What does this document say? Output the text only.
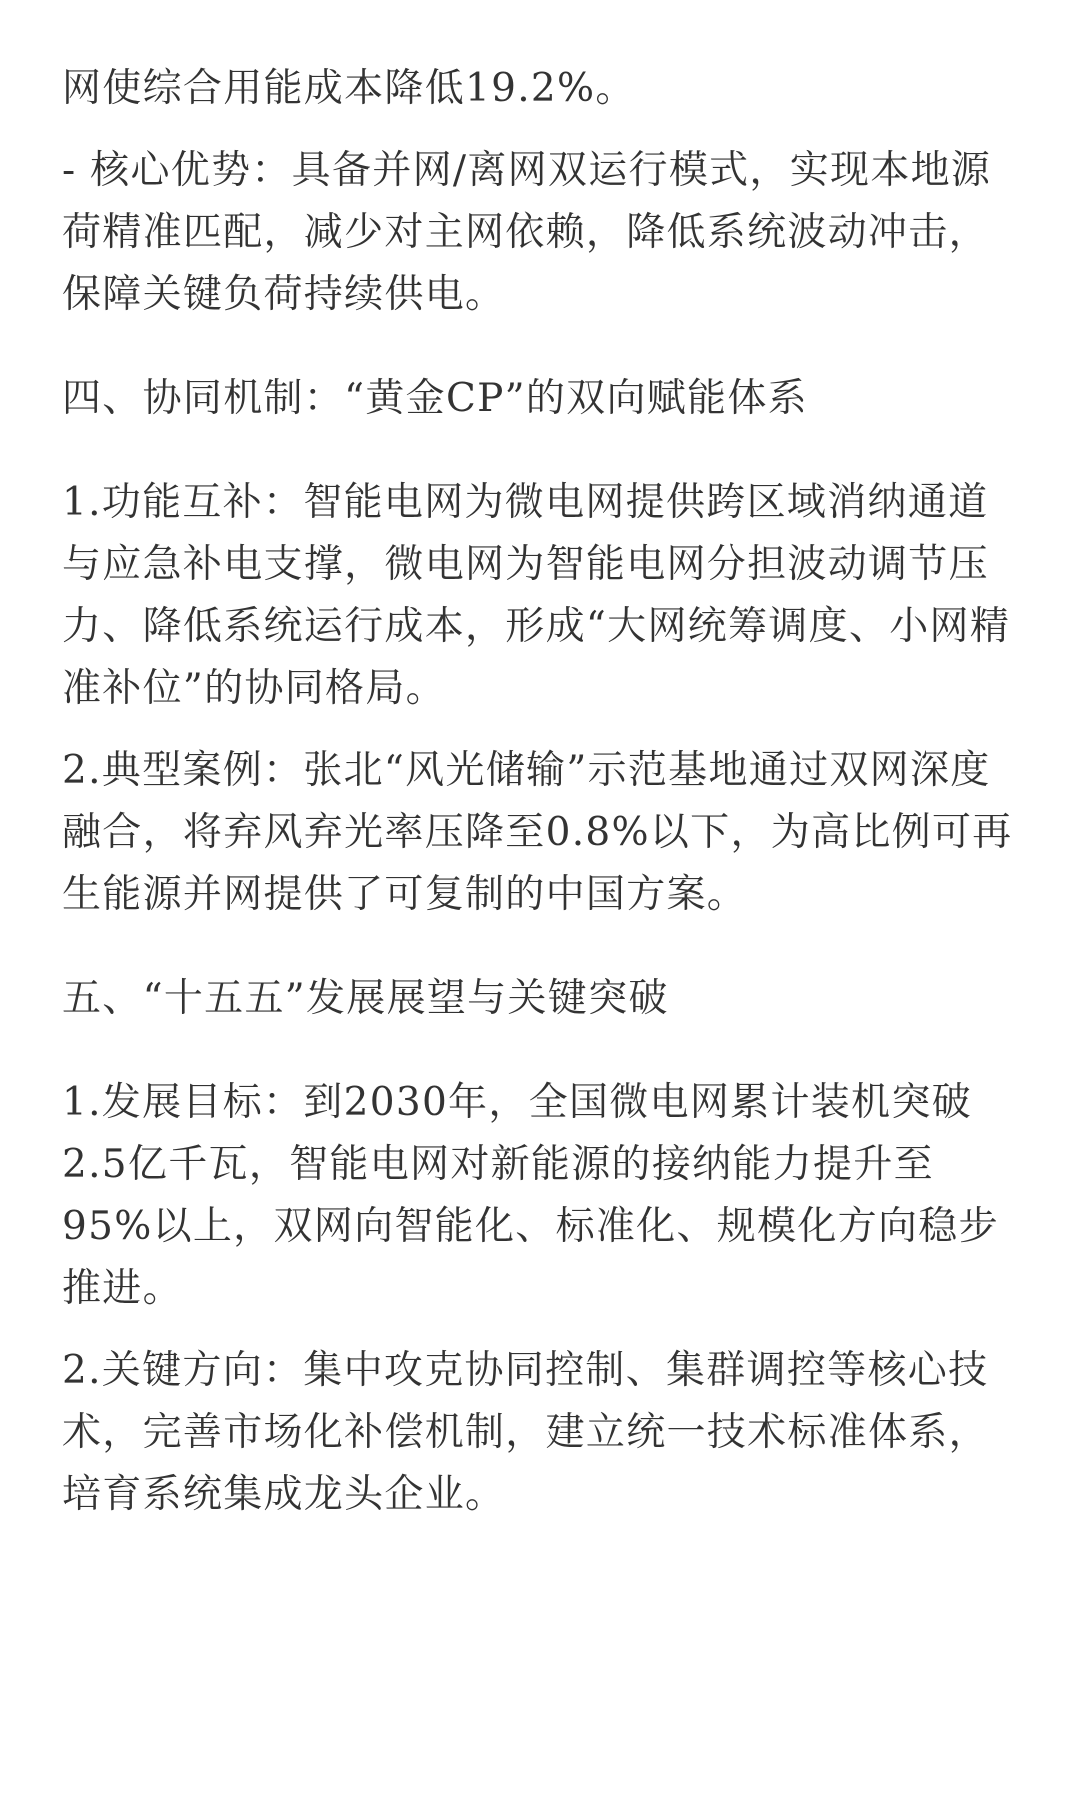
网使综合用能成本降低19.2%。

- 核心优势：具备并网/离网双运行模式，实现本地源荷精准匹配，减少对主网依赖，降低系统波动冲击，保障关键负荷持续供电。

四、协同机制：“黄金CP”的双向赋能体系

1.功能互补：智能电网为微电网提供跨区域消纳通道与应急补电支撑，微电网为智能电网分担波动调节压力、降低系统运行成本，形成“大网统筹调度、小网精准补位”的协同格局。

2.典型案例：张北“风光储输”示范基地通过双网深度融合，将弃风弃光率压降至0.8%以下，为高比例可再生能源并网提供了可复制的中国方案。

五、“十五五”发展展望与关键突破

1.发展目标：到2030年，全国微电网累计装机突破2.5亿千瓦，智能电网对新能源的接纳能力提升至95%以上，双网向智能化、标准化、规模化方向稳步推进。

2.关键方向：集中攻克协同控制、集群调控等核心技术，完善市场化补偿机制，建立统一技术标准体系，培育系统集成龙头企业。
